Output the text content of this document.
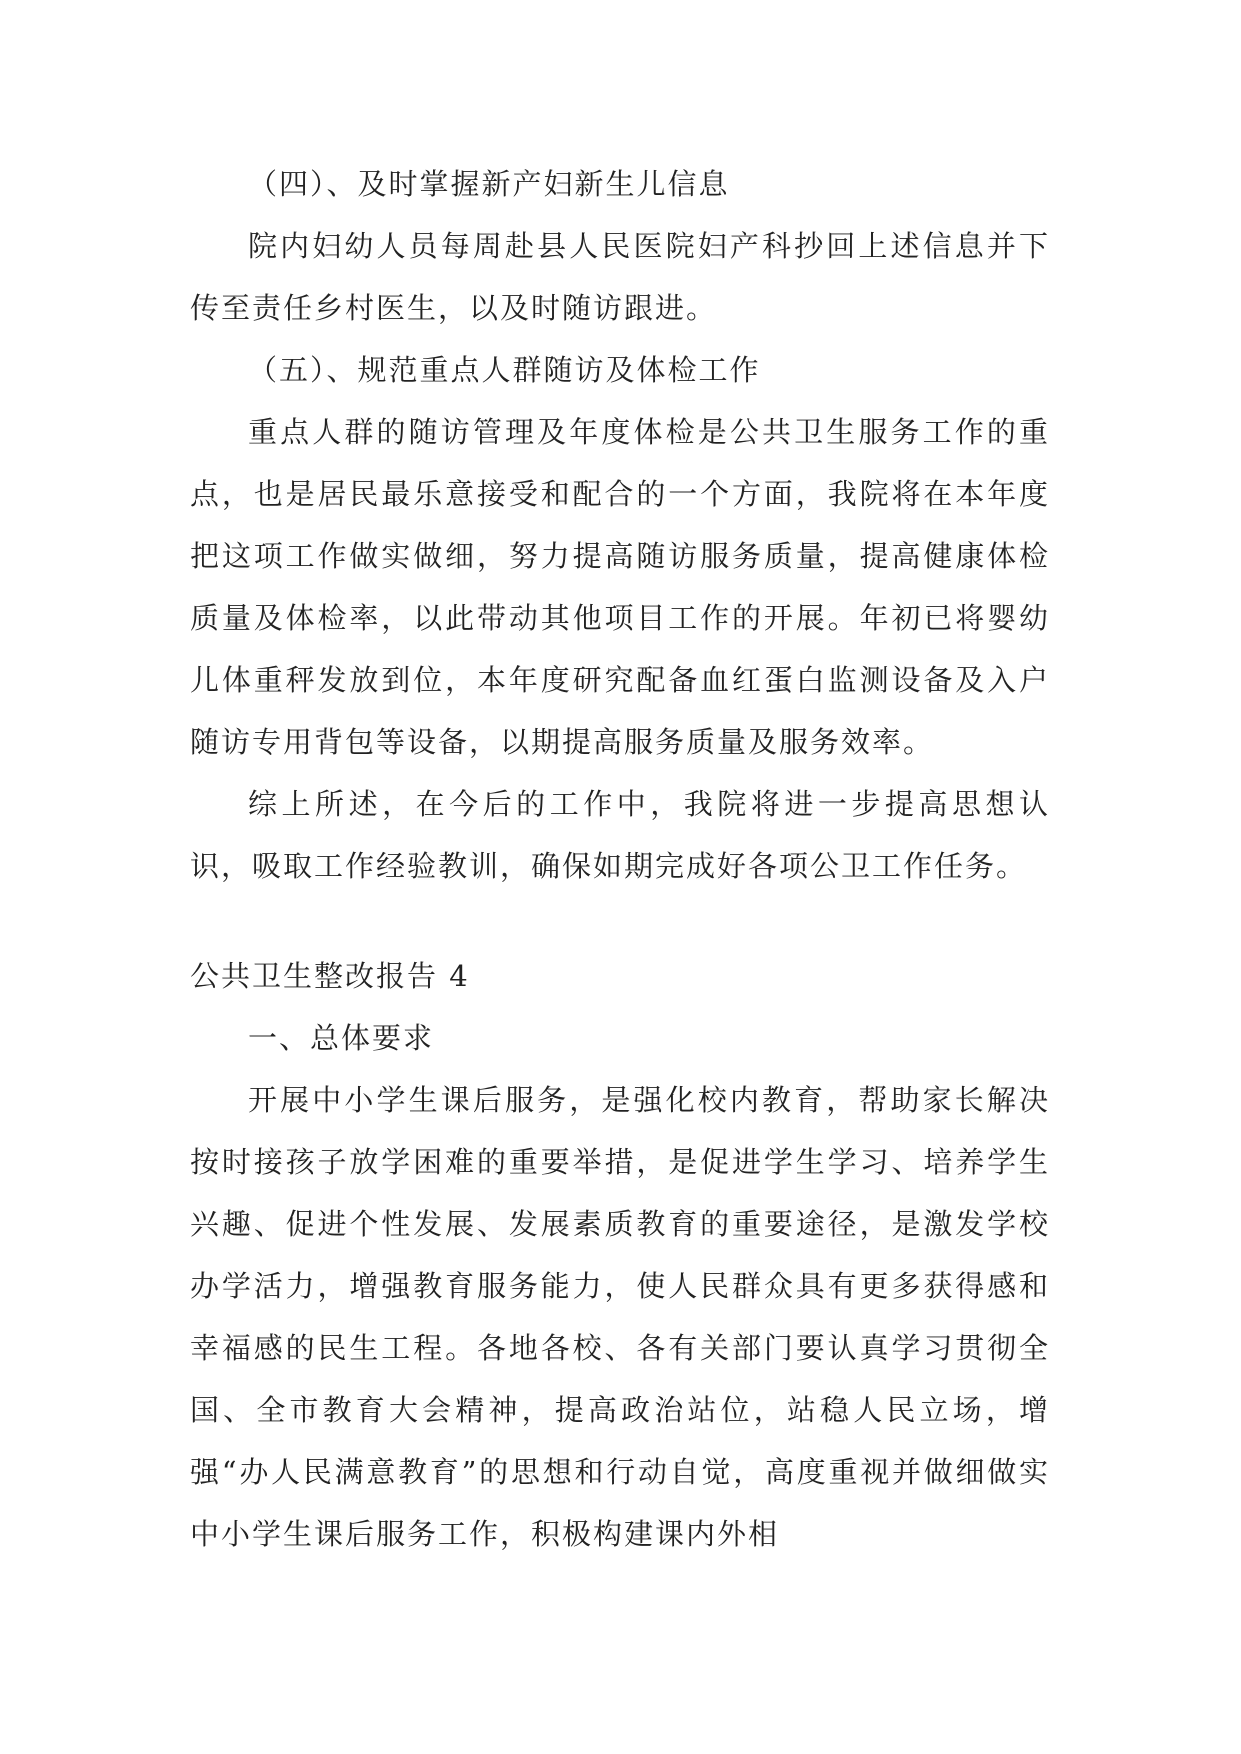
（四）、及时掌握新产妇新生儿信息

院内妇幼人员每周赴县人民医院妇产科抄回上述信息并下传至责任乡村医生，以及时随访跟进。

（五）、规范重点人群随访及体检工作

重点人群的随访管理及年度体检是公共卫生服务工作的重点，也是居民最乐意接受和配合的一个方面，我院将在本年度把这项工作做实做细，努力提高随访服务质量，提高健康体检质量及体检率，以此带动其他项目工作的开展。年初已将婴幼儿体重秤发放到位，本年度研究配备血红蛋白监测设备及入户随访专用背包等设备，以期提高服务质量及服务效率。

综上所述，在今后的工作中，我院将进一步提高思想认识，吸取工作经验教训，确保如期完成好各项公卫工作任务。

公共卫生整改报告 4

一、总体要求

开展中小学生课后服务，是强化校内教育，帮助家长解决按时接孩子放学困难的重要举措，是促进学生学习、培养学生兴趣、促进个性发展、发展素质教育的重要途径，是激发学校办学活力，增强教育服务能力，使人民群众具有更多获得感和幸福感的民生工程。各地各校、各有关部门要认真学习贯彻全国、全市教育大会精神，提高政治站位，站稳人民立场，增强“办人民满意教育”的思想和行动自觉，高度重视并做细做实中小学生课后服务工作，积极构建课内外相
